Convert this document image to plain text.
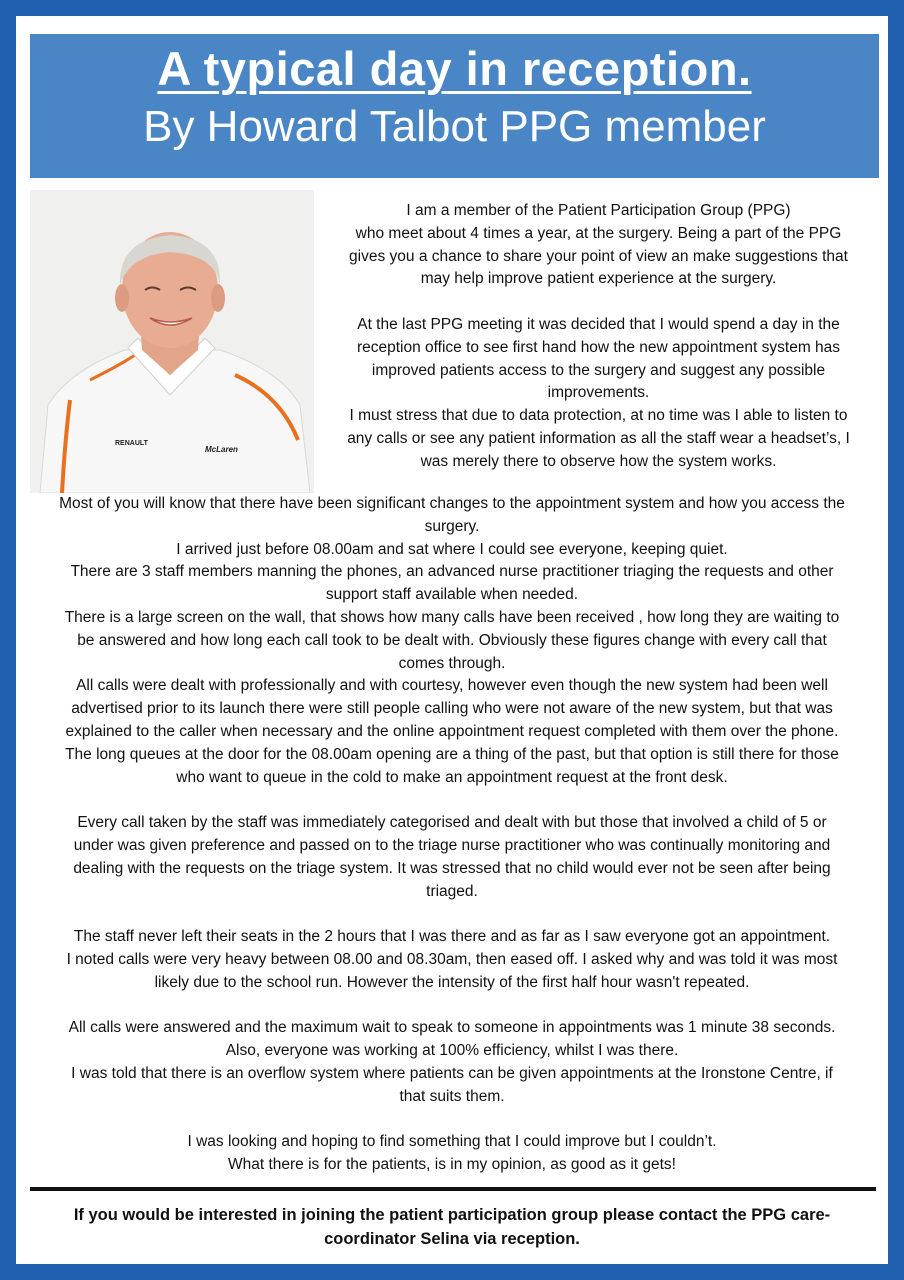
A typical day in reception.
By Howard Talbot PPG member
RENAULT
McLaren

I am a member of the Patient Participation Group (PPG)

who meet about 4 times a year, at the surgery. Being a part of the PPG

gives you a chance to share your point of view an make suggestions that

may help improve patient experience at the surgery.

At the last PPG meeting it was decided that I would spend a day in the

reception office to see first hand how the new appointment system has

improved patients access to the surgery and suggest any possible

improvements.

I must stress that due to data protection, at no time was I able to listen to

any calls or see any patient information as all the staff wear a headset’s, I

was merely there to observe how the system works.

Most of you will know that there have been significant changes to the appointment system and how you access the

surgery.

I arrived just before 08.00am and sat where I could see everyone, keeping quiet.

There are 3 staff members manning the phones, an advanced nurse practitioner triaging the requests and other

support staff available when needed.

There is a large screen on the wall, that shows how many calls have been received , how long they are waiting to

be answered and how long each call took to be dealt with. Obviously these figures change with every call that

comes through.

All calls were dealt with professionally and with courtesy, however even though the new system had been well

advertised prior to its launch there were still people calling who were not aware of the new system, but that was

explained to the caller when necessary and the online appointment request completed with them over the phone.

The long queues at the door for the 08.00am opening are a thing of the past, but that option is still there for those

who want to queue in the cold to make an appointment request at the front desk.

Every call taken by the staff was immediately categorised and dealt with but those that involved a child of 5 or

under was given preference and passed on to the triage nurse practitioner who was continually monitoring and

dealing with the requests on the triage system. It was stressed that no child would ever not be seen after being

triaged.

The staff never left their seats in the 2 hours that I was there and as far as I saw everyone got an appointment.

I noted calls were very heavy between 08.00 and 08.30am, then eased off. I asked why and was told it was most

likely due to the school run. However the intensity of the first half hour wasn't repeated.

All calls were answered and the maximum wait to speak to someone in appointments was 1 minute 38 seconds.

Also, everyone was working at 100% efficiency, whilst I was there.

I was told that there is an overflow system where patients can be given appointments at the Ironstone Centre, if

that suits them.

I was looking and hoping to find something that I could improve but I couldn’t.

What there is for the patients, is in my opinion, as good as it gets!

If you would be interested in joining the patient participation group please contact the PPG care-

coordinator Selina via reception.
